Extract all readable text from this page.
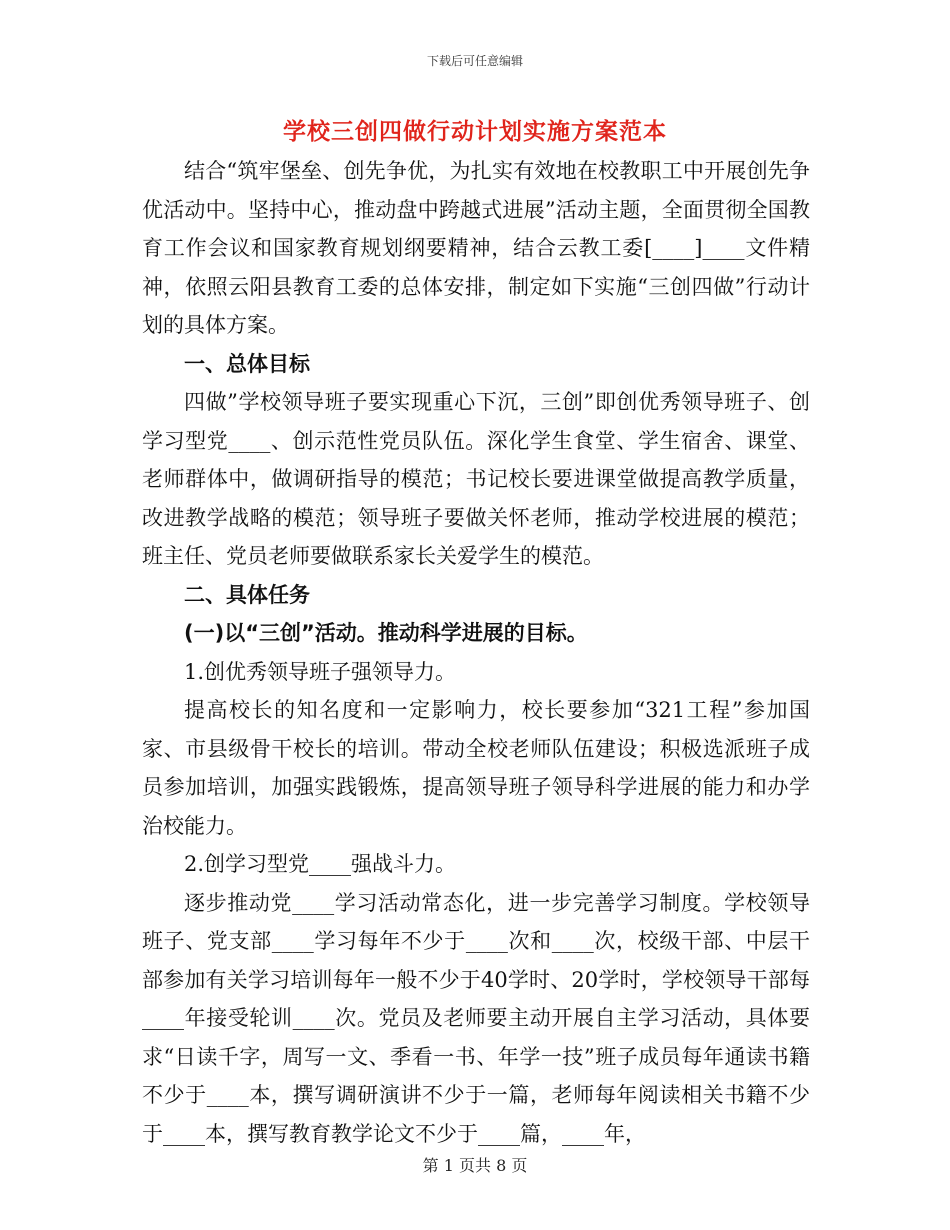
下载后可任意编辑
学校三创四做行动计划实施方案范本

结合“筑牢堡垒、创先争优，为扎实有效地在校教职工中开展创先争优活动中。坚持中心，推动盘中跨越式进展”活动主题，全面贯彻全国教育工作会议和国家教育规划纲要精神，结合云教工委[____]____文件精神，依照云阳县教育工委的总体安排，制定如下实施“三创四做”行动计划的具体方案。

一、总体目标

四做”学校领导班子要实现重心下沉，三创”即创优秀领导班子、创学习型党____、创示范性党员队伍。深化学生食堂、学生宿舍、课堂、老师群体中，做调研指导的模范；书记校长要进课堂做提高教学质量，改进教学战略的模范；领导班子要做关怀老师，推动学校进展的模范；班主任、党员老师要做联系家长关爱学生的模范。

二、具体任务

(一)以“三创”活动。推动科学进展的目标。

1.创优秀领导班子强领导力。

提高校长的知名度和一定影响力，校长要参加“321工程”参加国家、市县级骨干校长的培训。带动全校老师队伍建设；积极选派班子成员参加培训，加强实践锻炼，提高领导班子领导科学进展的能力和办学治校能力。

2.创学习型党____强战斗力。

逐步推动党____学习活动常态化，进一步完善学习制度。学校领导班子、党支部____学习每年不少于____次和____次，校级干部、中层干部参加有关学习培训每年一般不少于40学时、20学时，学校领导干部每____年接受轮训____次。党员及老师要主动开展自主学习活动，具体要求“日读千字，周写一文、季看一书、年学一技”班子成员每年通读书籍不少于____本，撰写调研演讲不少于一篇，老师每年阅读相关书籍不少于____本，撰写教育教学论文不少于____篇，____年，

第 1 页共 8 页
